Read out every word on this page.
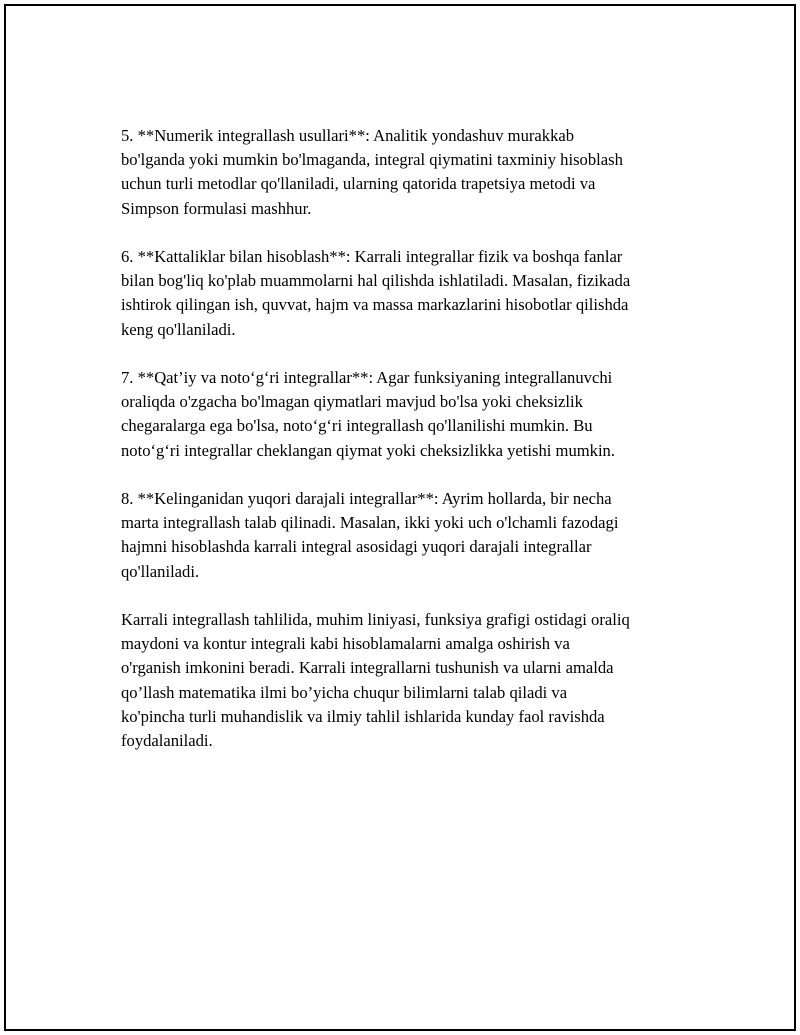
5. **Numerik integrallash usullari**: Analitik yondashuv murakkab
bo'lganda yoki mumkin bo'lmaganda, integral qiymatini taxminiy hisoblash
uchun turli metodlar qo'llaniladi, ularning qatorida trapetsiya metodi va
Simpson formulasi mashhur.

6. **Kattaliklar bilan hisoblash**: Karrali integrallar fizik va boshqa fanlar
bilan bog'liq ko'plab muammolarni hal qilishda ishlatiladi. Masalan, fizikada
ishtirok qilingan ish, quvvat, hajm va massa markazlarini hisobotlar qilishda
keng qo'llaniladi.

7. **Qat’iy va noto‘g‘ri integrallar**: Agar funksiyaning integrallanuvchi
oraliqda o'zgacha bo'lmagan qiymatlari mavjud bo'lsa yoki cheksizlik
chegaralarga ega bo'lsa, noto‘g‘ri integrallash qo'llanilishi mumkin. Bu
noto‘g‘ri integrallar cheklangan qiymat yoki cheksizlikka yetishi mumkin.

8. **Kelinganidan yuqori darajali integrallar**: Ayrim hollarda, bir necha
marta integrallash talab qilinadi. Masalan, ikki yoki uch o'lchamli fazodagi
hajmni hisoblashda karrali integral asosidagi yuqori darajali integrallar
qo'llaniladi.

Karrali integrallash tahlilida, muhim liniyasi, funksiya grafigi ostidagi oraliq
maydoni va kontur integrali kabi hisoblamalarni amalga oshirish va
o'rganish imkonini beradi. Karrali integrallarni tushunish va ularni amalda
qo’llash matematika ilmi bo’yicha chuqur bilimlarni talab qiladi va
ko'pincha turli muhandislik va ilmiy tahlil ishlarida kunday faol ravishda
foydalaniladi.
